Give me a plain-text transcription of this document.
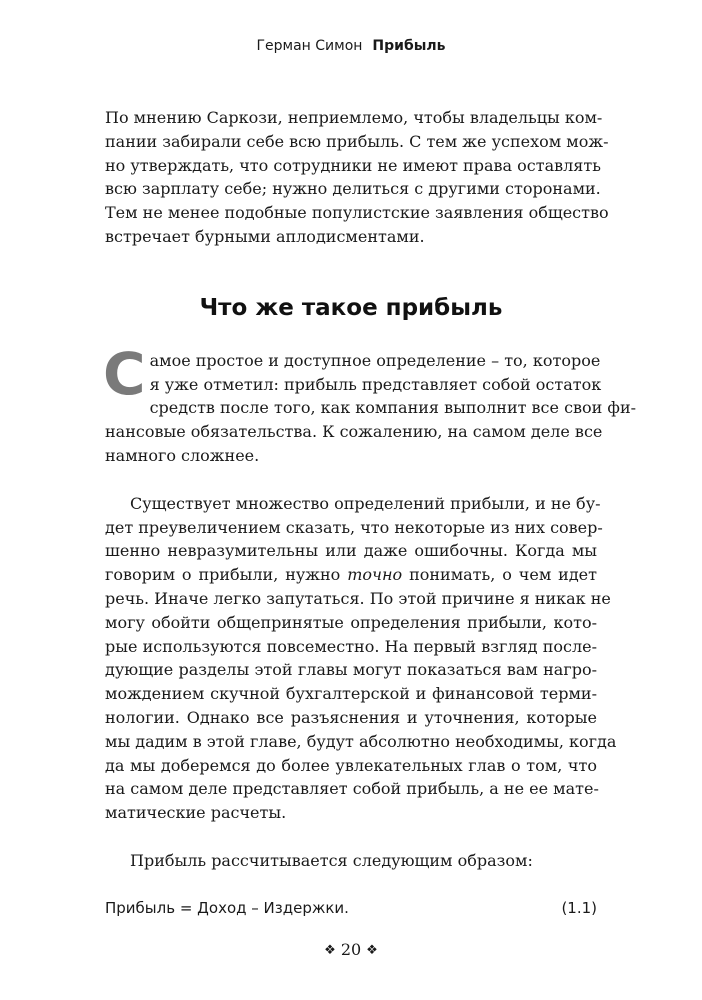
Герман Симон Прибыль

По мнению Саркози, неприемлемо, чтобы владельцы ком-
пании забирали себе всю прибыль. С тем же успехом мож-
но утверждать, что сотрудники не имеют права оставлять
всю зарплату себе; нужно делиться с другими сторонами.
Тем не менее подобные популистские заявления общество
встречает бурными аплодисментами.

Что же такое прибыль

С амое простое и доступное определение – то, которое
я уже отметил: прибыль представляет собой остаток
средств после того, как компания выполнит все свои фи-
нансовые обязательства. К сожалению, на самом деле все
намного сложнее.

Существует множество определений прибыли, и не бу-
дет преувеличением сказать, что некоторые из них совер-
шенно невразумительны или даже ошибочны. Когда мы
говорим о прибыли, нужно точно понимать, о чем идет
речь. Иначе легко запутаться. По этой причине я никак не
могу обойти общепринятые определения прибыли, кото-
рые используются повсеместно. На первый взгляд после-
дующие разделы этой главы могут показаться вам нагро-
мождением скучной бухгалтерской и финансовой терми-
нологии. Однако все разъяснения и уточнения, которые
мы дадим в этой главе, будут абсолютно необходимы, когда
да мы доберемся до более увлекательных глав о том, что
на самом деле представляет собой прибыль, а не ее мате-
матические расчеты.

Прибыль рассчитывается следующим образом:

Прибыль = Доход – Издержки.	(1.1)
❖ 20 ❖
